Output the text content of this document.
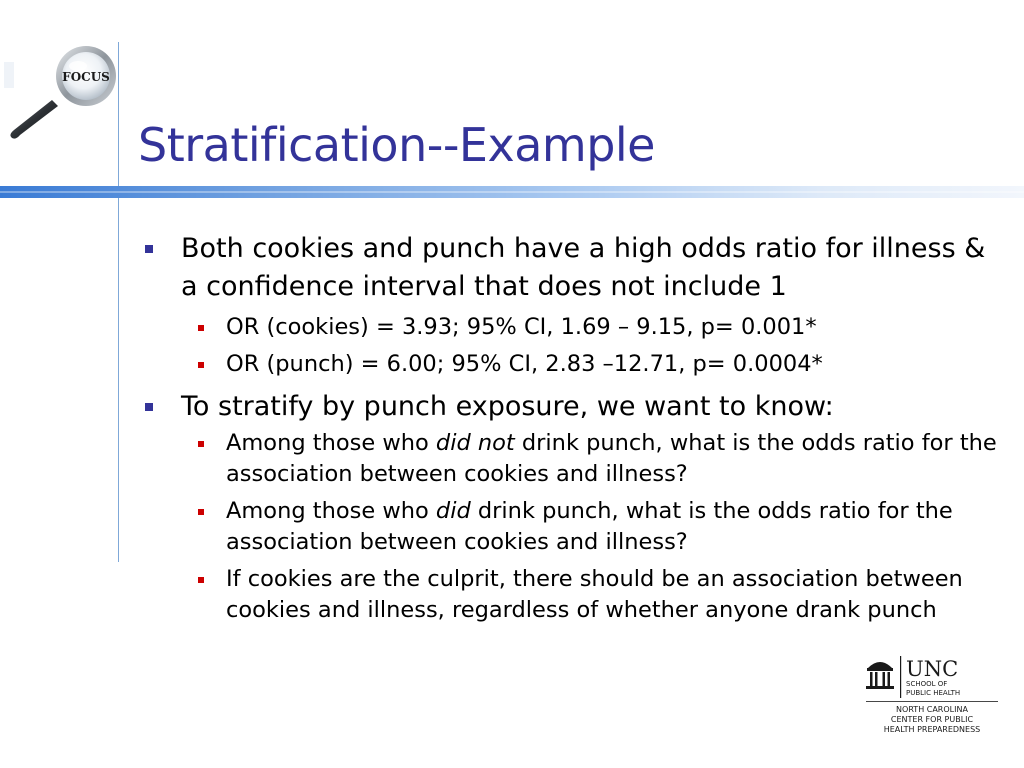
FOCUS
Stratification--Example
Both cookies and punch have a high odds ratio for illness & a confidence interval that does not include 1
OR (cookies) = 3.93; 95% CI, 1.69 – 9.15, p= 0.001*
OR (punch) = 6.00; 95% CI, 2.83 –12.71, p= 0.0004*
To stratify by punch exposure, we want to know:
Among those who did not drink punch, what is the odds ratio for the association between cookies and illness?
Among those who did drink punch, what is the odds ratio for the association between cookies and illness?
If cookies are the culprit, there should be an association between cookies and illness, regardless of whether anyone drank punch
UNC
SCHOOL OF
PUBLIC HEALTH
NORTH CAROLINA
CENTER FOR PUBLIC
HEALTH PREPAREDNESS
